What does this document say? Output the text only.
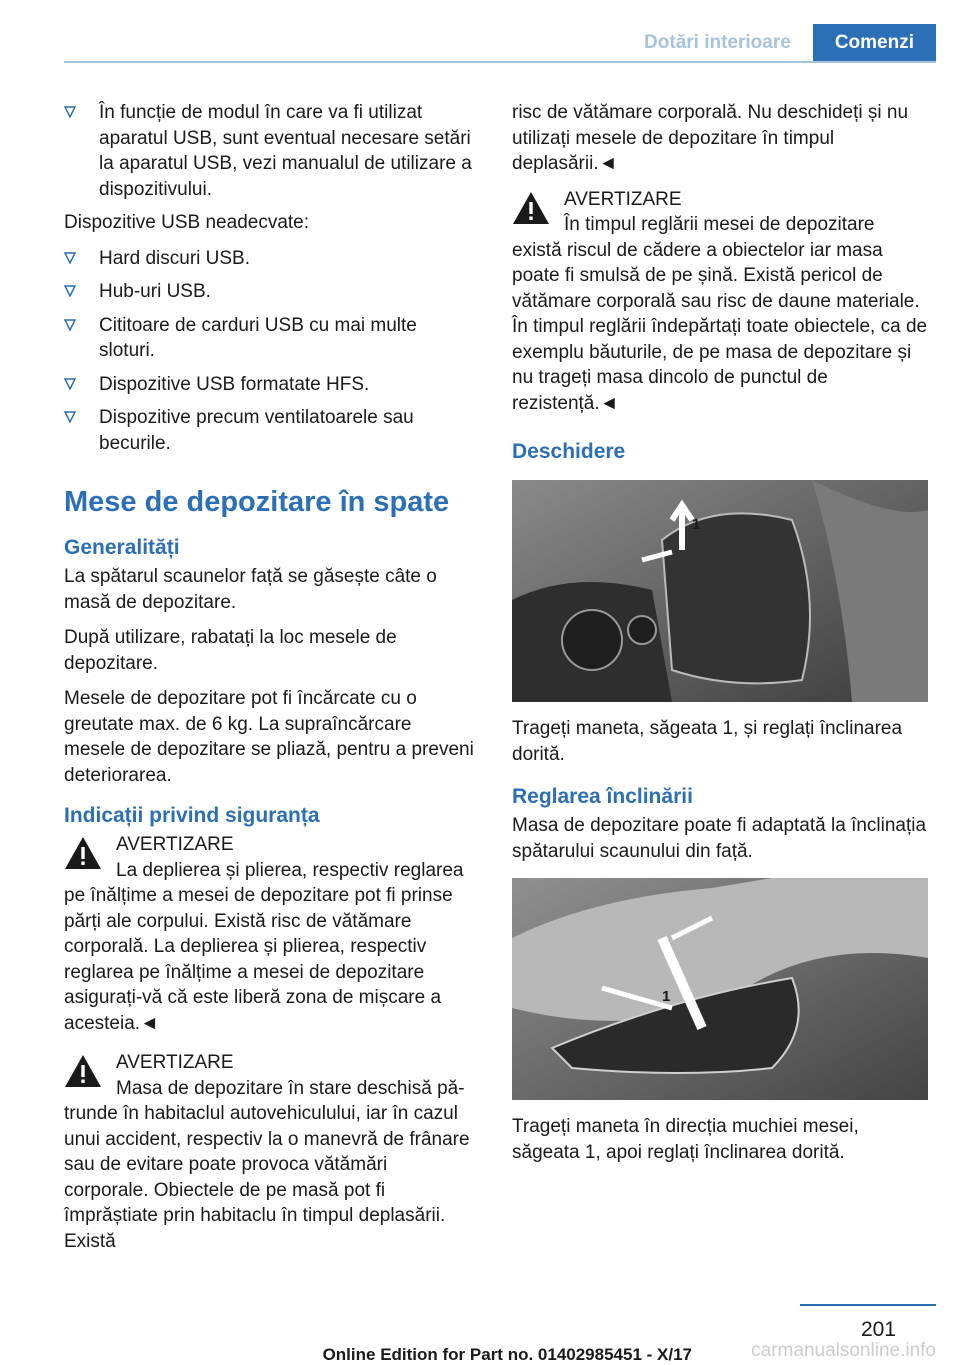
Dotări interioare	Comenzi
În funcție de modul în care va fi utilizat aparatul USB, sunt eventual necesare setări la aparatul USB, vezi manualul de utilizare a dispozitivului.

Dispozitive USB neadecvate:

Hard discuri USB.
Hub-uri USB.
Cititoare de carduri USB cu mai multe sloturi.
Dispozitive USB formatate HFS.
Dispozitive precum ventilatoarele sau becurile.
Mese de depozitare în spate
Generalități

La spătarul scaunelor față se găsește câte o masă de depozitare.

După utilizare, rabatați la loc mesele de depozitare.

Mesele de depozitare pot fi încărcate cu o greutate max. de 6 kg. La supraîncărcare mesele de depozitare se pliază, pentru a preveni deteriorarea.

Indicații privind siguranța
AVERTIZARE
La deplierea și plierea, respectiv reglarea
pe înălțime a mesei de depozitare pot fi prinse părți ale corpului. Există risc de vătămare corporală. La deplierea și plierea, respectiv reglarea pe înălțime a mesei de depozitare asigurați-vă că este liberă zona de mișcare a acesteia.◄
AVERTIZARE
Masa de depozitare în stare deschisă pă-
trunde în habitaclul autovehiculului, iar în cazul unui accident, respectiv la o manevră de frânare sau de evitare poate provoca vătămări corporale. Obiectele de pe masă pot fi împrăștiate prin habitaclu în timpul deplasării. Există

risc de vătămare corporală. Nu deschideți și nu utilizați mesele de depozitare în timpul deplasării.◄

AVERTIZARE
În timpul reglării mesei de depozitare
există riscul de cădere a obiectelor iar masa poate fi smulsă de pe șină. Există pericol de vătămare corporală sau risc de daune materiale. În timpul reglării îndepărtați toate obiectele, ca de exemplu băuturile, de pe masa de depozitare și nu trageți masa dincolo de punctul de rezistență.◄
Deschidere
1

Trageți maneta, săgeata 1, și reglați înclinarea dorită.

Reglarea înclinării

Masa de depozitare poate fi adaptată la înclinația spătarului scaunului din față.

1

Trageți maneta în direcția muchiei mesei, săgeata 1, apoi reglați înclinarea dorită.

201
Online Edition for Part no. 01402985451 - X/17	carmanualsonline.info
